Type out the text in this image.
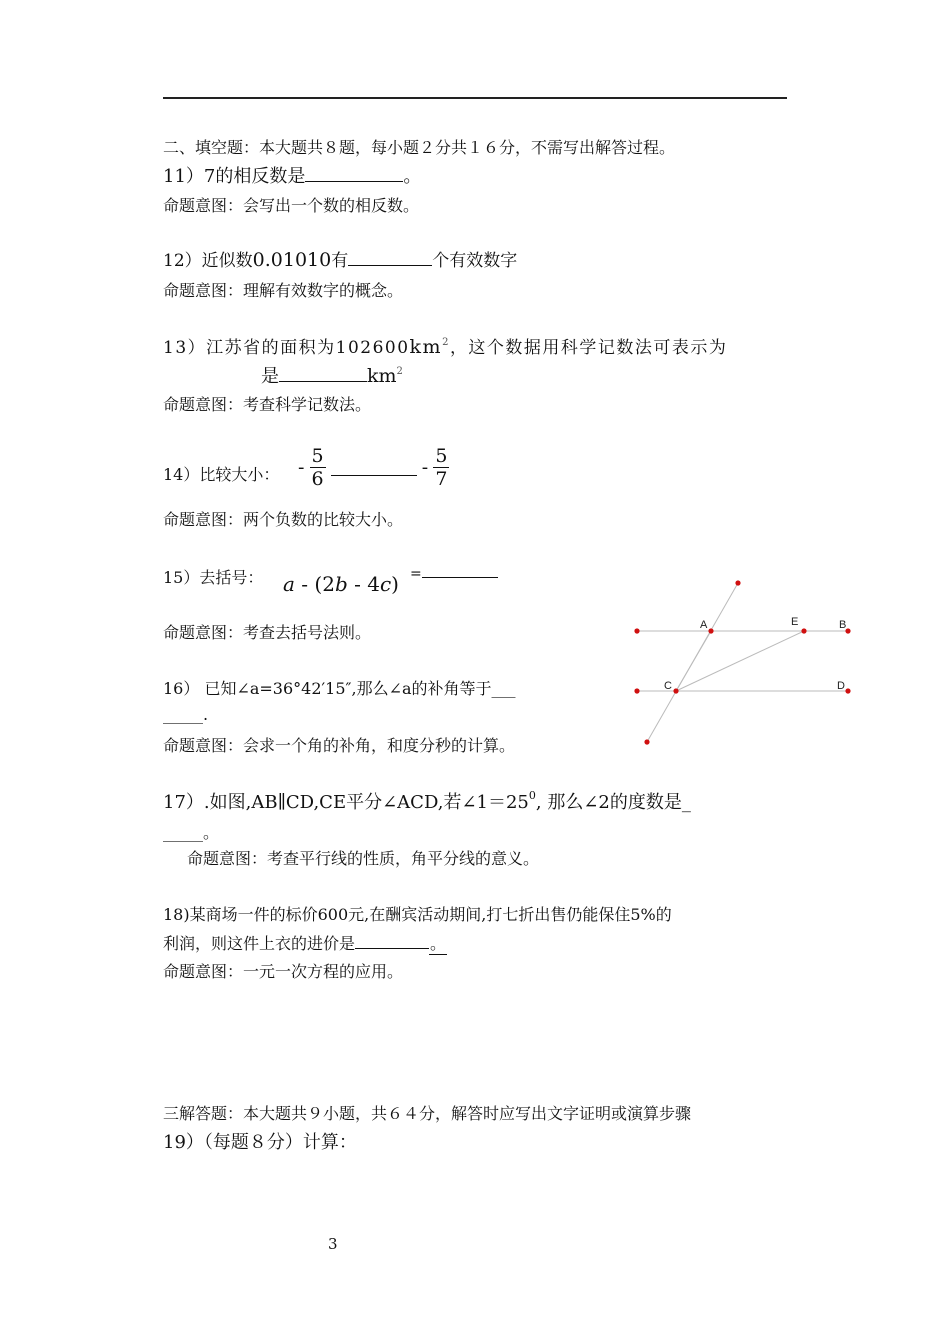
二、填空题：本大题共８题，每小题２分共１６分，不需写出解答过程。
11）7的相反数是	。
命题意图：会写出一个数的相反数。
12）近似数0.01010有	个有效数字
命题意图：理解有效数字的概念。
13）江苏省的面积为$102600km^2$，这个数据用科学记数法可表示为
是	$km^2$
命题意图：考查科学记数法。
14）比较大小： - $\frac{5}{6}$	- $\frac{5}{7}$
命题意图：两个负数的比较大小。
15）去括号： a - (2b - 4c) =
命题意图：考查去括号法则。	A	E	B
C	D
16） 已知∠a=36°42′15″,那么∠a的补角等于___
_____.
命题意图：会求一个角的补角，和度分秒的计算。
17）.如图,AB∥CD,CE平分∠ACD,若$\angle 1=25^0$, 那么∠2的度数是_
_____。
命题意图：考查平行线的性质，角平分线的意义。
18)某商场一件的标价600元,在酬宾活动期间,打七折出售仍能保住5%的
利润，则这件上衣的进价是	。
命题意图：一元一次方程的应用。
三解答题：本大题共９小题，共６４分，解答时应写出文字证明或演算步骤
19）（每题８分）计算：
3
